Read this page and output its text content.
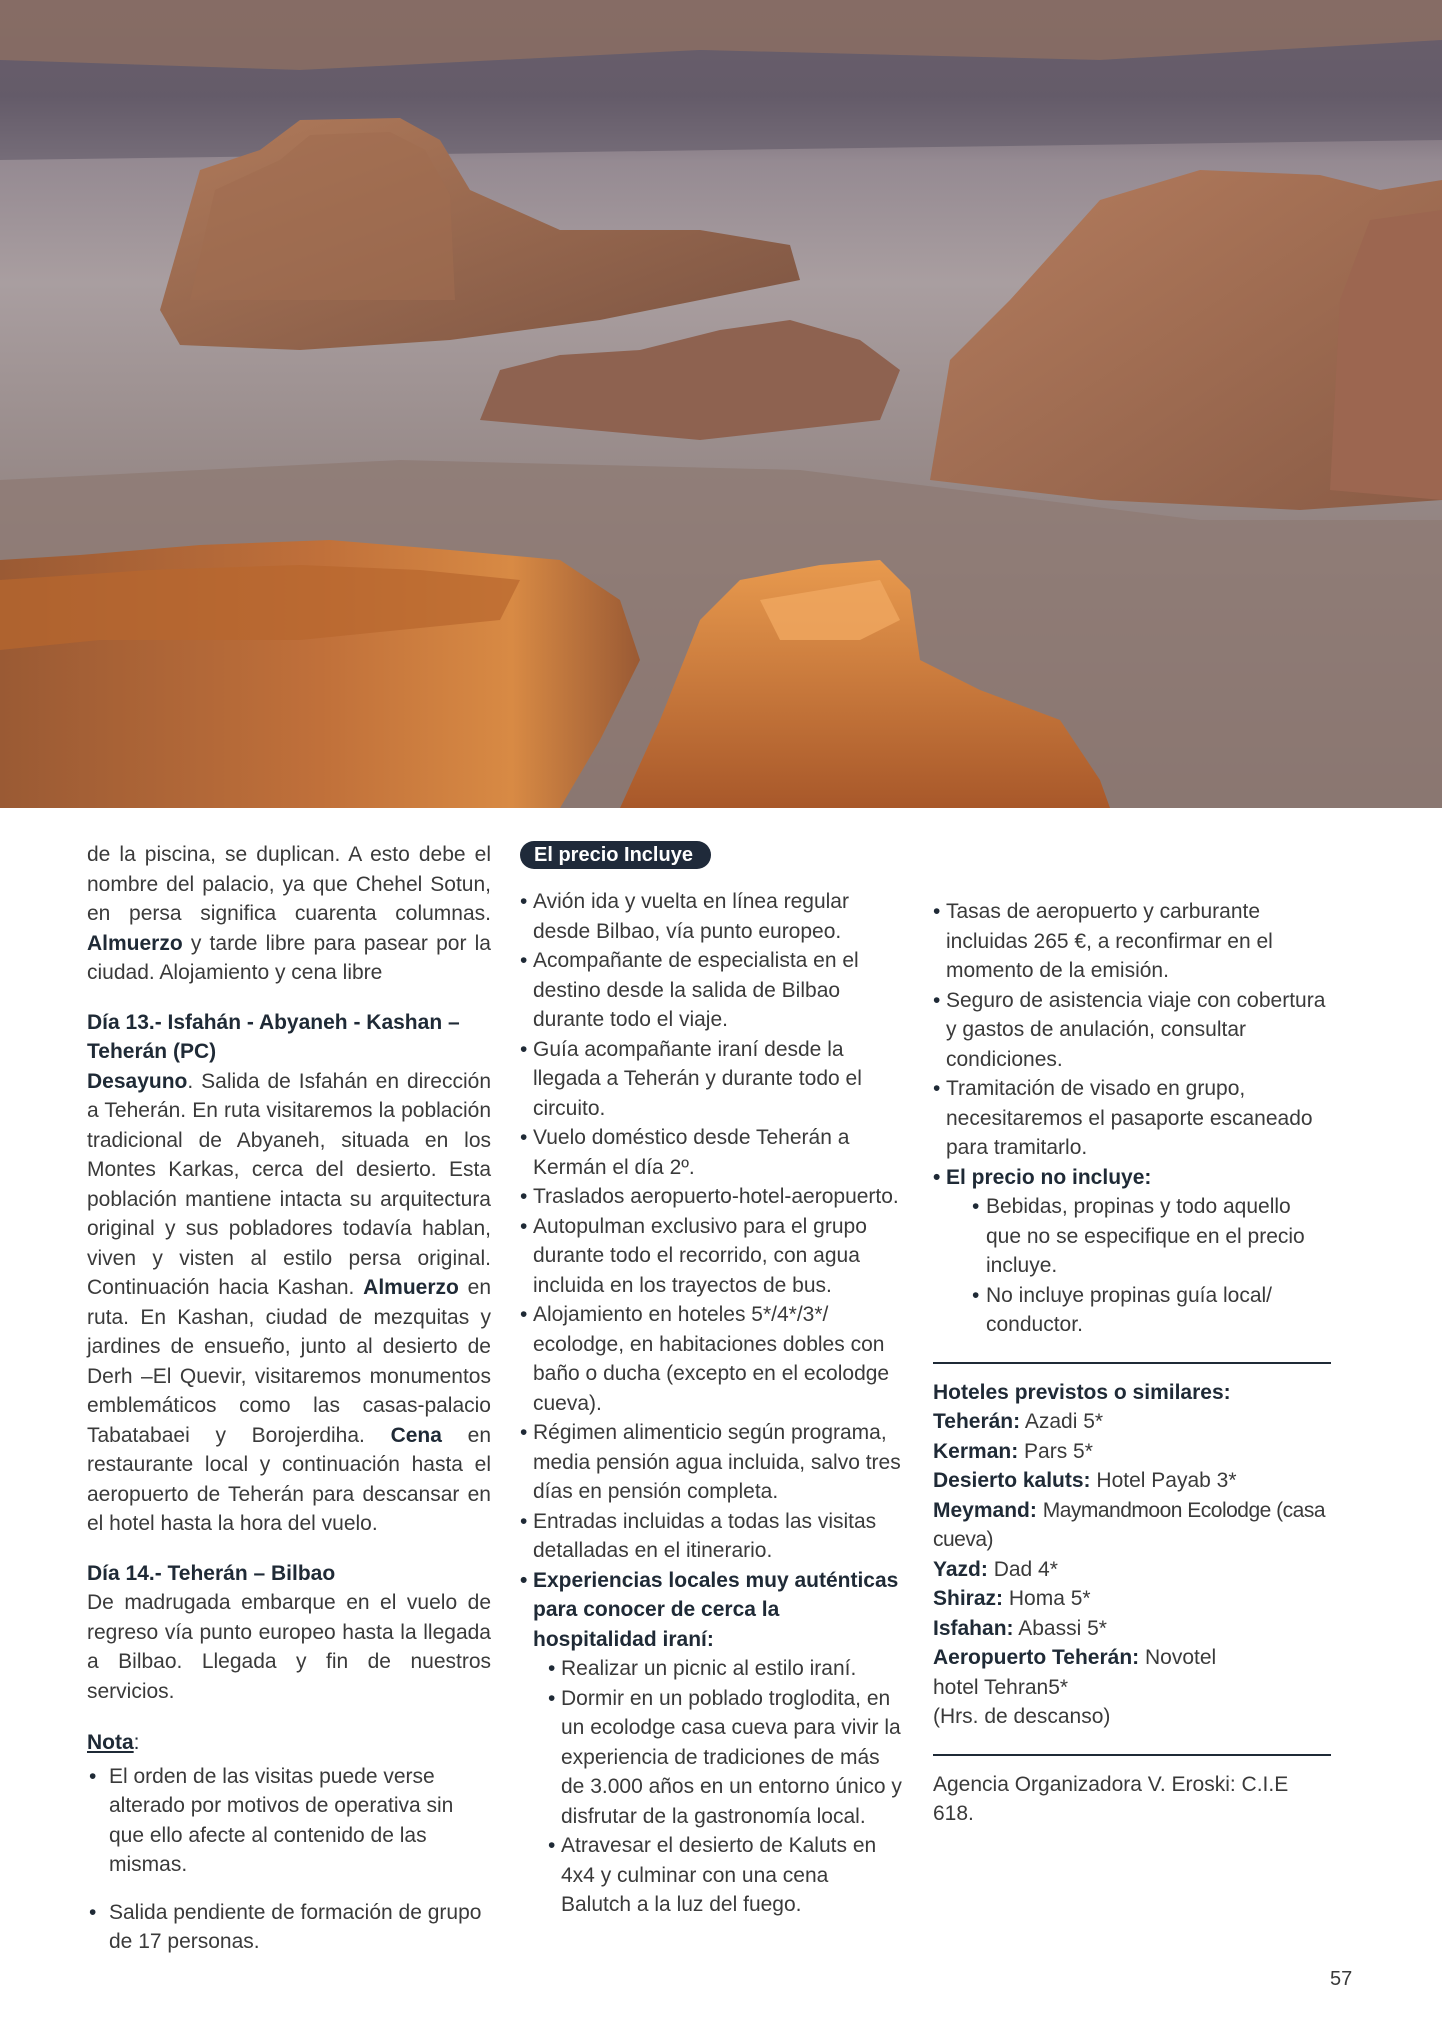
de la piscina, se duplican. A esto debe el nombre del palacio, ya que Chehel Sotun, en persa significa cuarenta columnas. Almuerzo y tarde libre para pasear por la ciudad. Alojamiento y cena libre

Día 13.- Isfahán - Abyaneh - Kashan – Teherán (PC)

Desayuno. Salida de Isfahán en dirección a Teherán. En ruta visitaremos la población tradicional de Abyaneh, situada en los Montes Karkas, cerca del desierto. Esta población mantiene intacta su arquitectura original y sus pobladores todavía hablan, viven y visten al estilo persa original. Continuación hacia Kashan. Almuerzo en ruta. En Kashan, ciudad de mezquitas y jardines de ensueño, junto al desierto de Derh –El Quevir, visitaremos monumentos emblemáticos como las casas-palacio Tabatabaei y Borojerdiha. Cena en restaurante local y continuación hasta el aeropuerto de Teherán para descansar en el hotel hasta la hora del vuelo.

Día 14.- Teherán – Bilbao

De madrugada embarque en el vuelo de regreso vía punto europeo hasta la llegada a Bilbao. Llegada y fin de nuestros servicios.

Nota:

• El orden de las visitas puede verse alterado por motivos de operativa sin que ello afecte al contenido de las mismas.
• Salida pendiente de formación de grupo de 17 personas.
El precio Incluye
• Avión ida y vuelta en línea regular desde Bilbao, vía punto europeo.
• Acompañante de especialista en el destino desde la salida de Bilbao durante todo el viaje.
• Guía acompañante iraní desde la llegada a Teherán y durante todo el circuito.
• Vuelo doméstico desde Teherán a Kermán el día 2º.
• Traslados aeropuerto-hotel-aeropuerto.
• Autopulman exclusivo para el grupo durante todo el recorrido, con agua incluida en los trayectos de bus.
• Alojamiento en hoteles 5*/4*/3*/ ecolodge, en habitaciones dobles con baño o ducha (excepto en el ecolodge cueva).
• Régimen alimenticio según programa, media pensión agua incluida, salvo tres días en pensión completa.
• Entradas incluidas a todas las visitas detalladas en el itinerario.
• Experiencias locales muy auténticas para conocer de cerca la hospitalidad iraní:
• Realizar un picnic al estilo iraní.
• Dormir en un poblado troglodita, en un ecolodge casa cueva para vivir la experiencia de tradiciones de más de 3.000 años en un entorno único y disfrutar de la gastronomía local.
• Atravesar el desierto de Kaluts en 4x4 y culminar con una cena Balutch a la luz del fuego.
• Tasas de aeropuerto y carburante incluidas 265 €, a reconfirmar en el momento de la emisión.
• Seguro de asistencia viaje con cobertura y gastos de anulación, consultar condiciones.
• Tramitación de visado en grupo, necesitaremos el pasaporte escaneado para tramitarlo.
• El precio no incluye:
• Bebidas, propinas y todo aquello que no se especifique en el precio incluye.
• No incluye propinas guía local/ conductor.

Hoteles previstos o similares:

Teherán: Azadi 5*

Kerman: Pars 5*

Desierto kaluts: Hotel Payab 3*

Meymand: Maymandmoon Ecolodge (casa cueva)

Yazd: Dad 4*

Shiraz: Homa 5*

Isfahan: Abassi 5*

Aeropuerto Teherán: Novotel hotel Tehran5*

(Hrs. de descanso)

Agencia Organizadora V. Eroski: C.I.E 618.

57
